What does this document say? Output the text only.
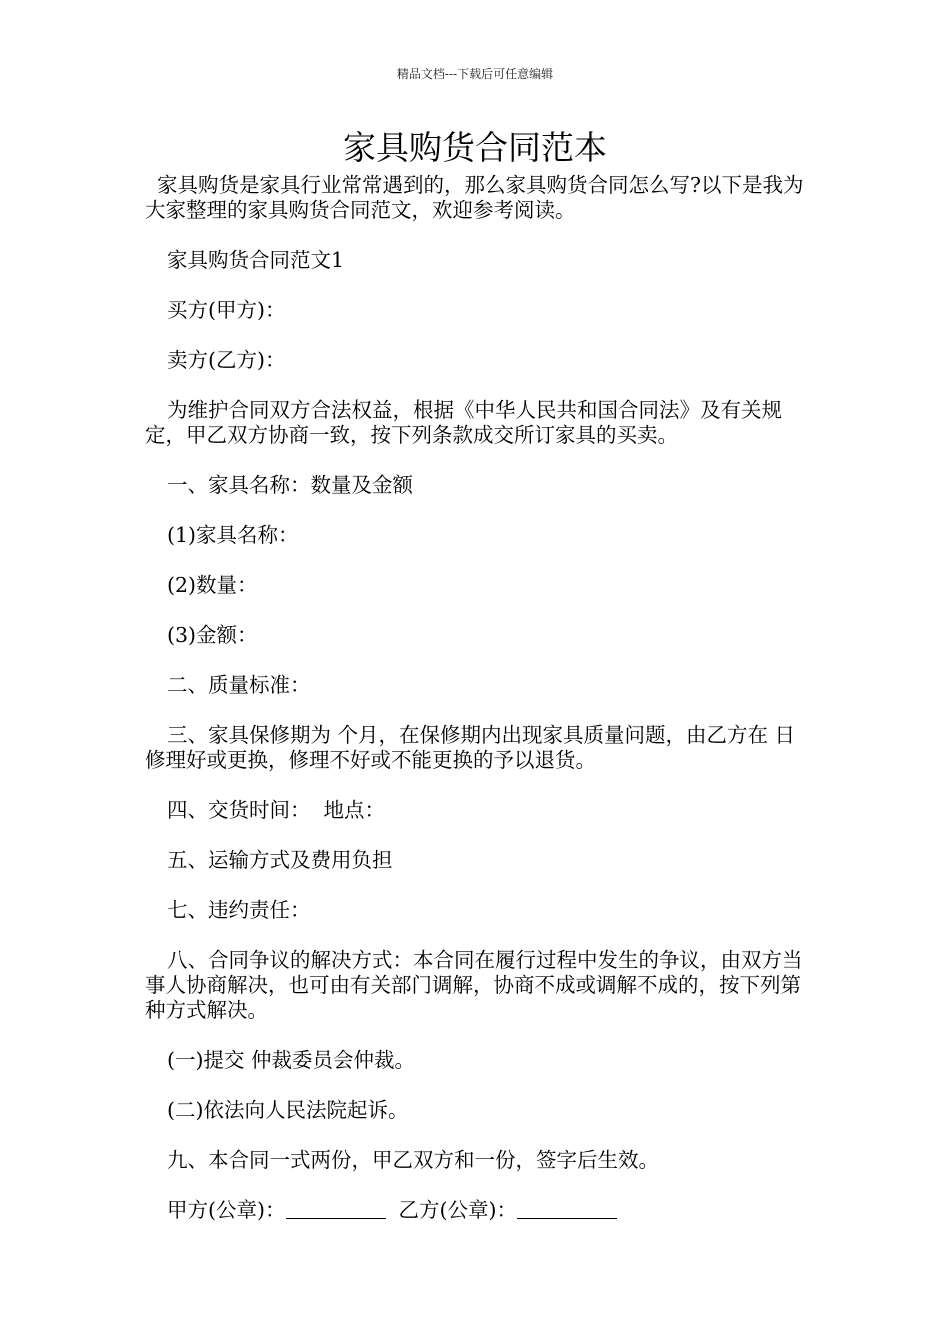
精品文档---下载后可任意编辑
家具购货合同范本

家具购货是家具行业常常遇到的，那么家具购货合同怎么写?以下是我为大家整理的家具购货合同范文，欢迎参考阅读。

家具购货合同范文1

买方(甲方)：

卖方(乙方)：

为维护合同双方合法权益，根据《中华人民共和国合同法》及有关规定，甲乙双方协商一致，按下列条款成交所订家具的买卖。

一、家具名称：数量及金额

(1)家具名称：

(2)数量：

(3)金额：

二、质量标准：

三、家具保修期为 个月，在保修期内出现家具质量问题，由乙方在 日修理好或更换，修理不好或不能更换的予以退货。

四、交货时间：  地点：

五、运输方式及费用负担

七、违约责任：

八、合同争议的解决方式：本合同在履行过程中发生的争议，由双方当事人协商解决，也可由有关部门调解，协商不成或调解不成的，按下列第 种方式解决。

(一)提交 仲裁委员会仲裁。

(二)依法向人民法院起诉。

九、本合同一式两份，甲乙双方和一份，签字后生效。

甲方(公章)：	乙方(公章)：
